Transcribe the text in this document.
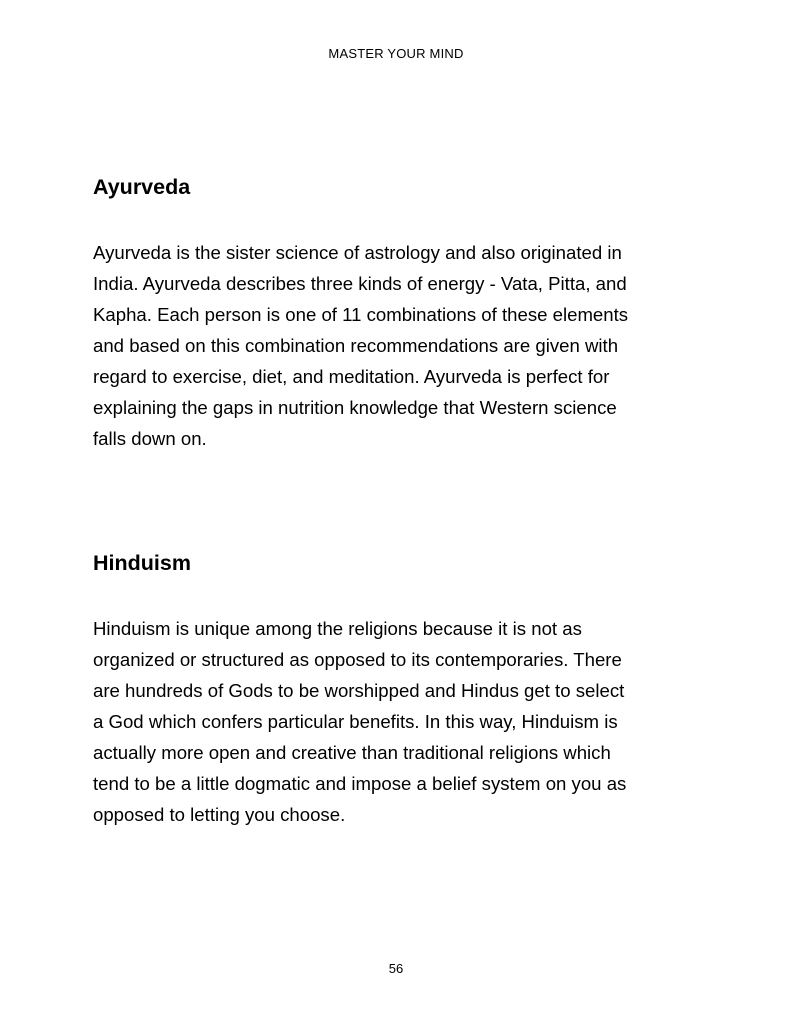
MASTER YOUR MIND
Ayurveda

Ayurveda is the sister science of astrology and also originated in
India. Ayurveda describes three kinds of energy - Vata, Pitta, and
Kapha. Each person is one of 11 combinations of these elements
and based on this combination recommendations are given with
regard to exercise, diet, and meditation. Ayurveda is perfect for
explaining the gaps in nutrition knowledge that Western science
falls down on.

Hinduism

Hinduism is unique among the religions because it is not as
organized or structured as opposed to its contemporaries. There
are hundreds of Gods to be worshipped and Hindus get to select
a God which confers particular benefits. In this way, Hinduism is
actually more open and creative than traditional religions which
tend to be a little dogmatic and impose a belief system on you as
opposed to letting you choose.

56
